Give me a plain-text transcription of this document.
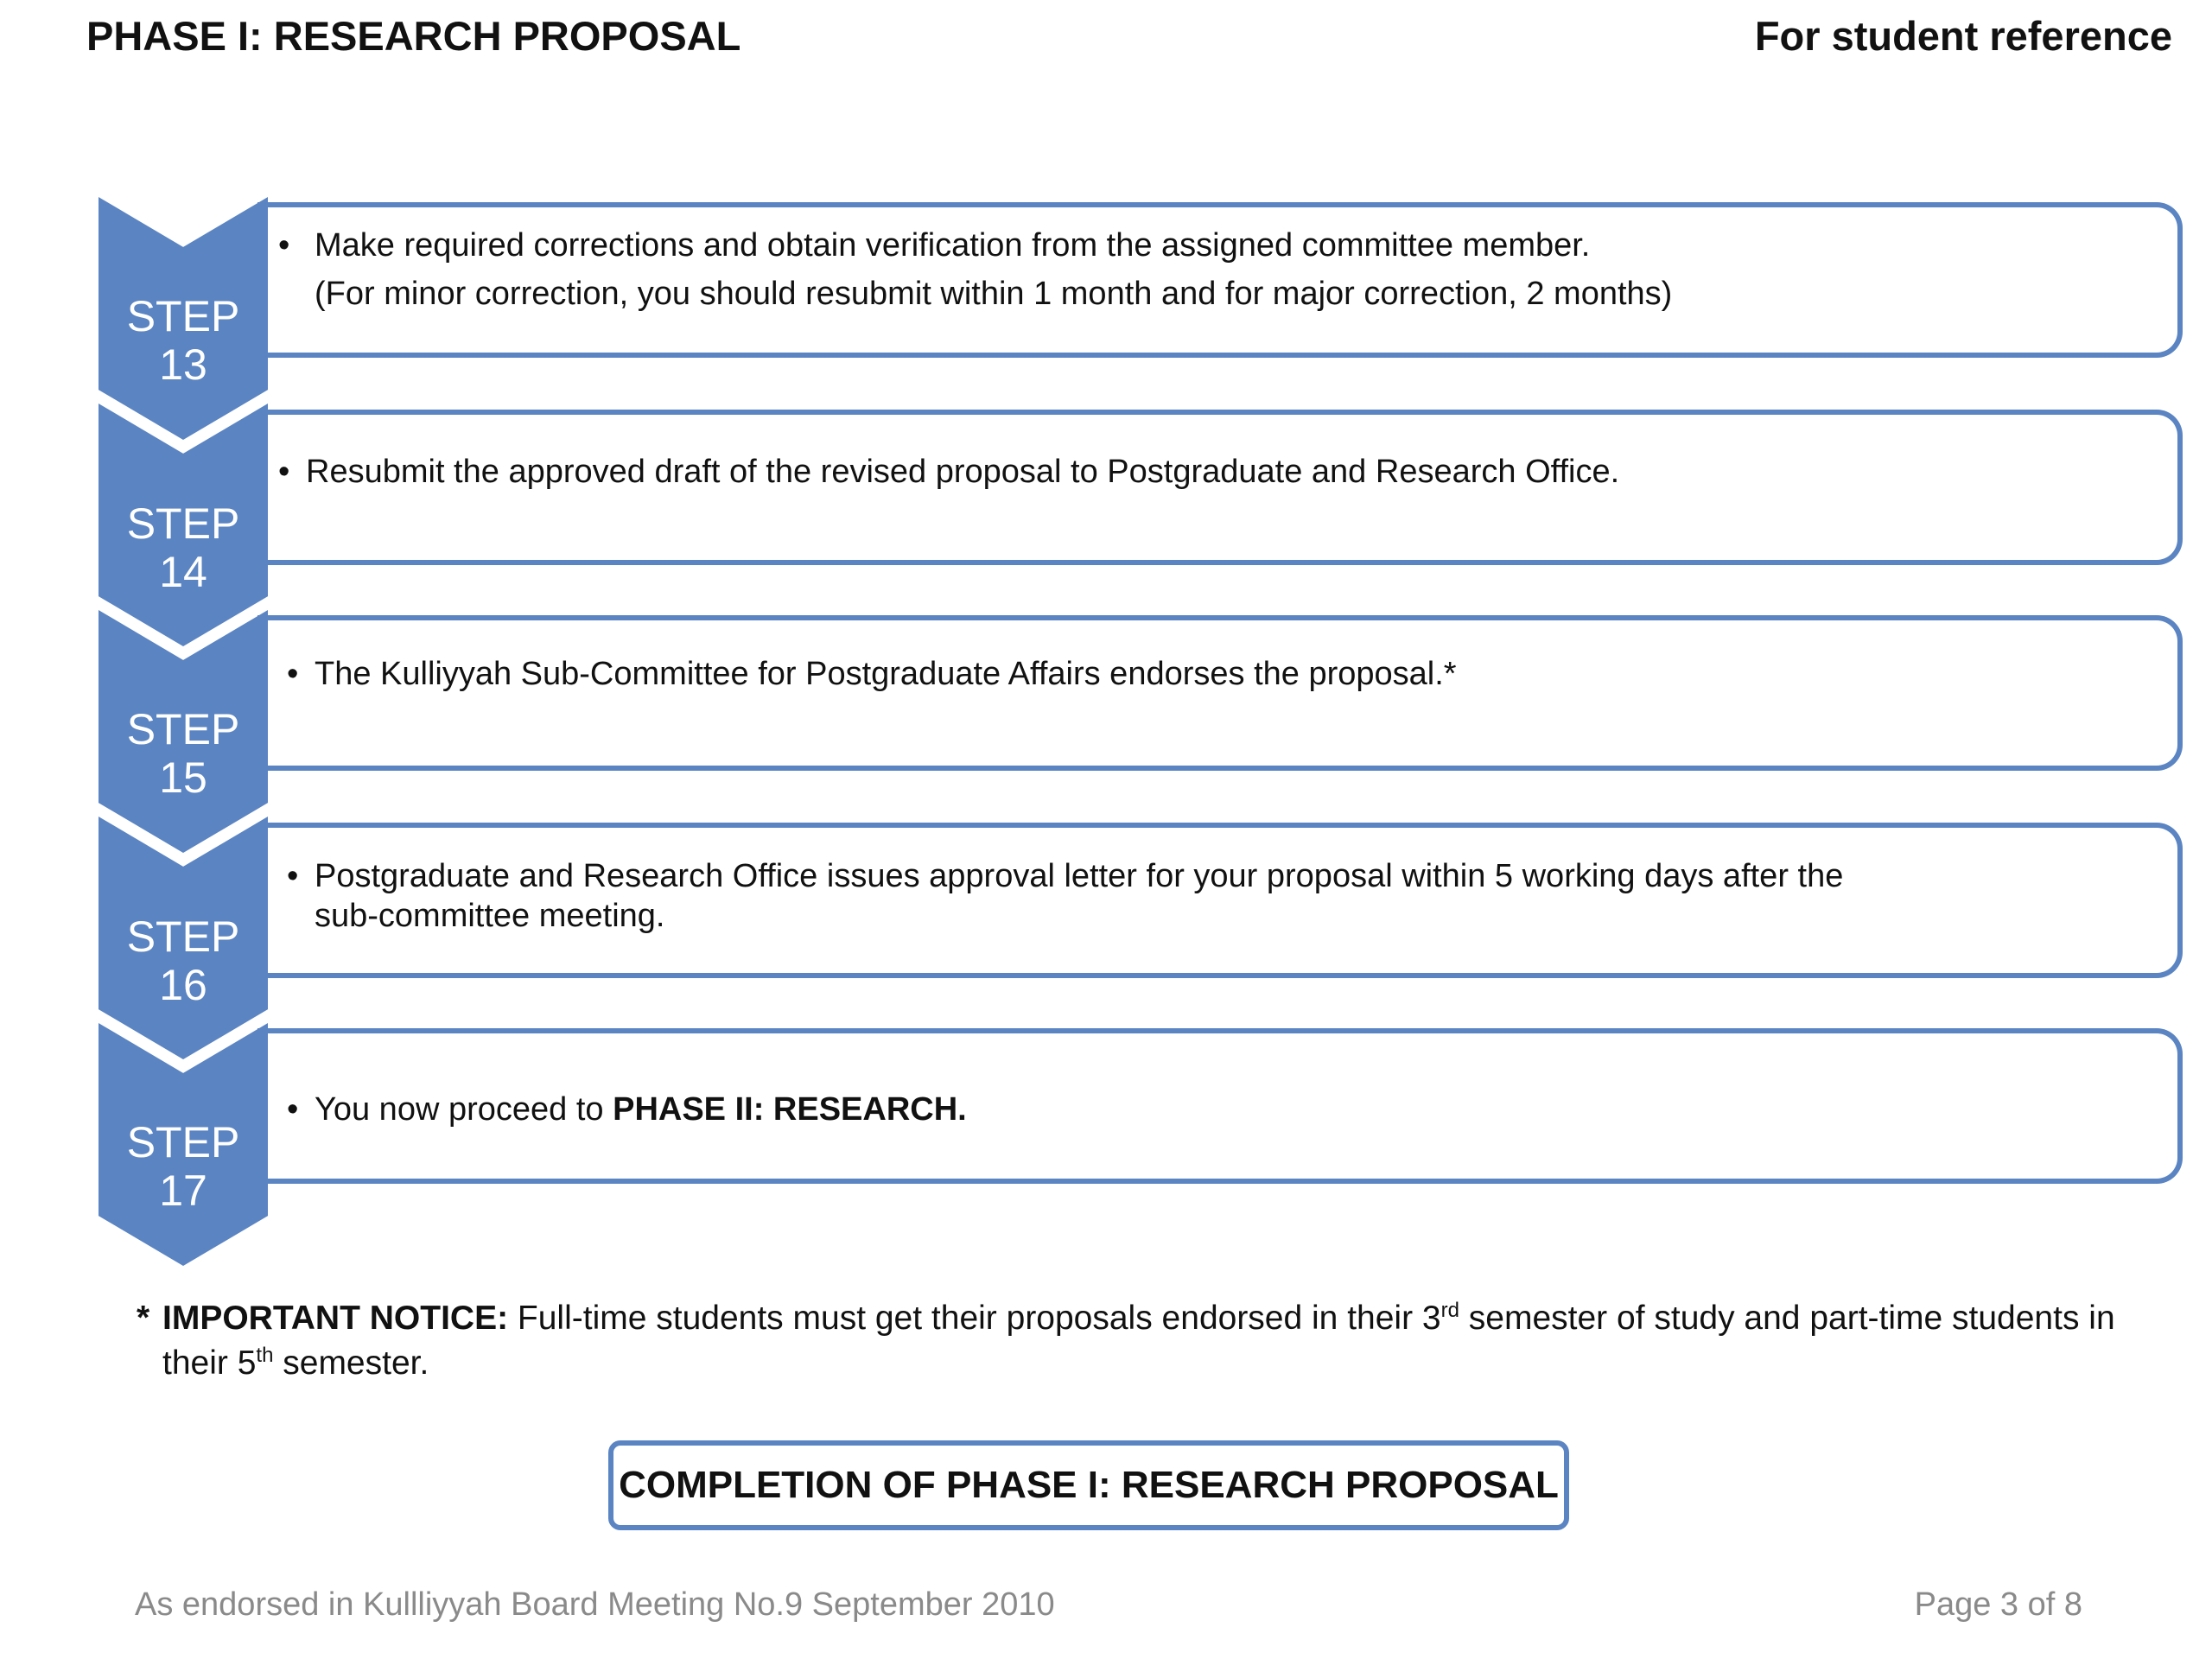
PHASE I: RESEARCH PROPOSAL	For student reference
STEP 13
• Make required corrections and obtain verification from the assigned committee member.
(For minor correction, you should resubmit within 1 month and for major correction, 2 months)
STEP 14
• Resubmit the approved draft of the revised proposal to Postgraduate and Research Office.
STEP 15
• The Kulliyyah Sub-Committee for Postgraduate Affairs endorses the proposal.*
STEP 16
• Postgraduate and Research Office issues approval letter for your proposal within 5 working days after the
sub-committee meeting.
STEP 17
• You now proceed to PHASE II: RESEARCH.
* IMPORTANT NOTICE: Full-time students must get their proposals endorsed in their 3rd semester of study and part-time students in their 5th semester.
COMPLETION OF PHASE I: RESEARCH PROPOSAL
As endorsed in Kullliyyah Board Meeting No.9 September 2010	Page 3 of 8
